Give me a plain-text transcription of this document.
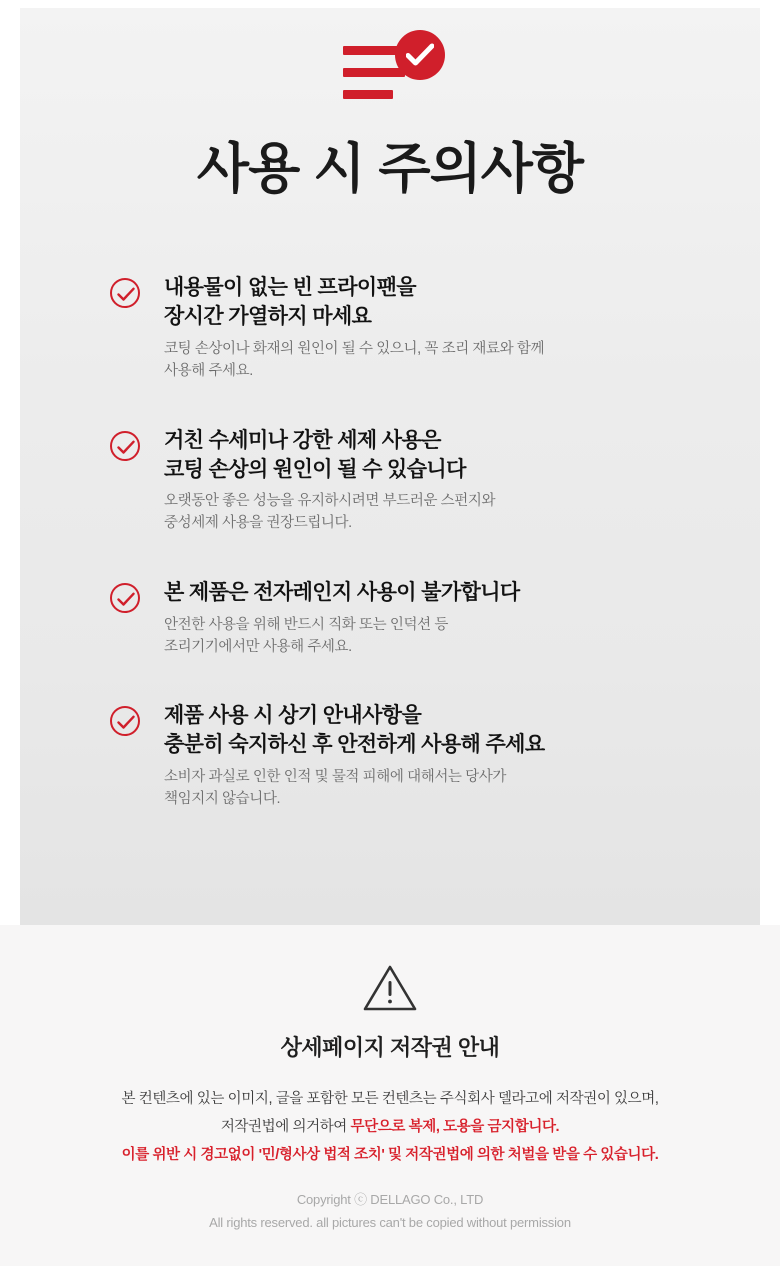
사용 시 주의사항
내용물이 없는 빈 프라이팬을
장시간 가열하지 마세요
코팅 손상이나 화재의 원인이 될 수 있으니, 꼭 조리 재료와 함께
사용해 주세요.
거친 수세미나 강한 세제 사용은
코팅 손상의 원인이 될 수 있습니다
오랫동안 좋은 성능을 유지하시려면 부드러운 스펀지와
중성세제 사용을 권장드립니다.
본 제품은 전자레인지 사용이 불가합니다
안전한 사용을 위해 반드시 직화 또는 인덕션 등
조리기기에서만 사용해 주세요.
제품 사용 시 상기 안내사항을
충분히 숙지하신 후 안전하게 사용해 주세요
소비자 과실로 인한 인적 및 물적 피해에 대해서는 당사가
책임지지 않습니다.
상세페이지 저작권 안내

본 컨텐츠에 있는 이미지, 글을 포함한 모든 컨텐츠는 주식회사 델라고에 저작권이 있으며,

저작권법에 의거하여 무단으로 복제, 도용을 금지합니다.

이를 위반 시 경고없이 '민/형사상 법적 조치' 및 저작권법에 의한 처벌을 받을 수 있습니다.

Copyright ⓒ DELLAGO Co., LTD

All rights reserved. all pictures can't be copied without permission
